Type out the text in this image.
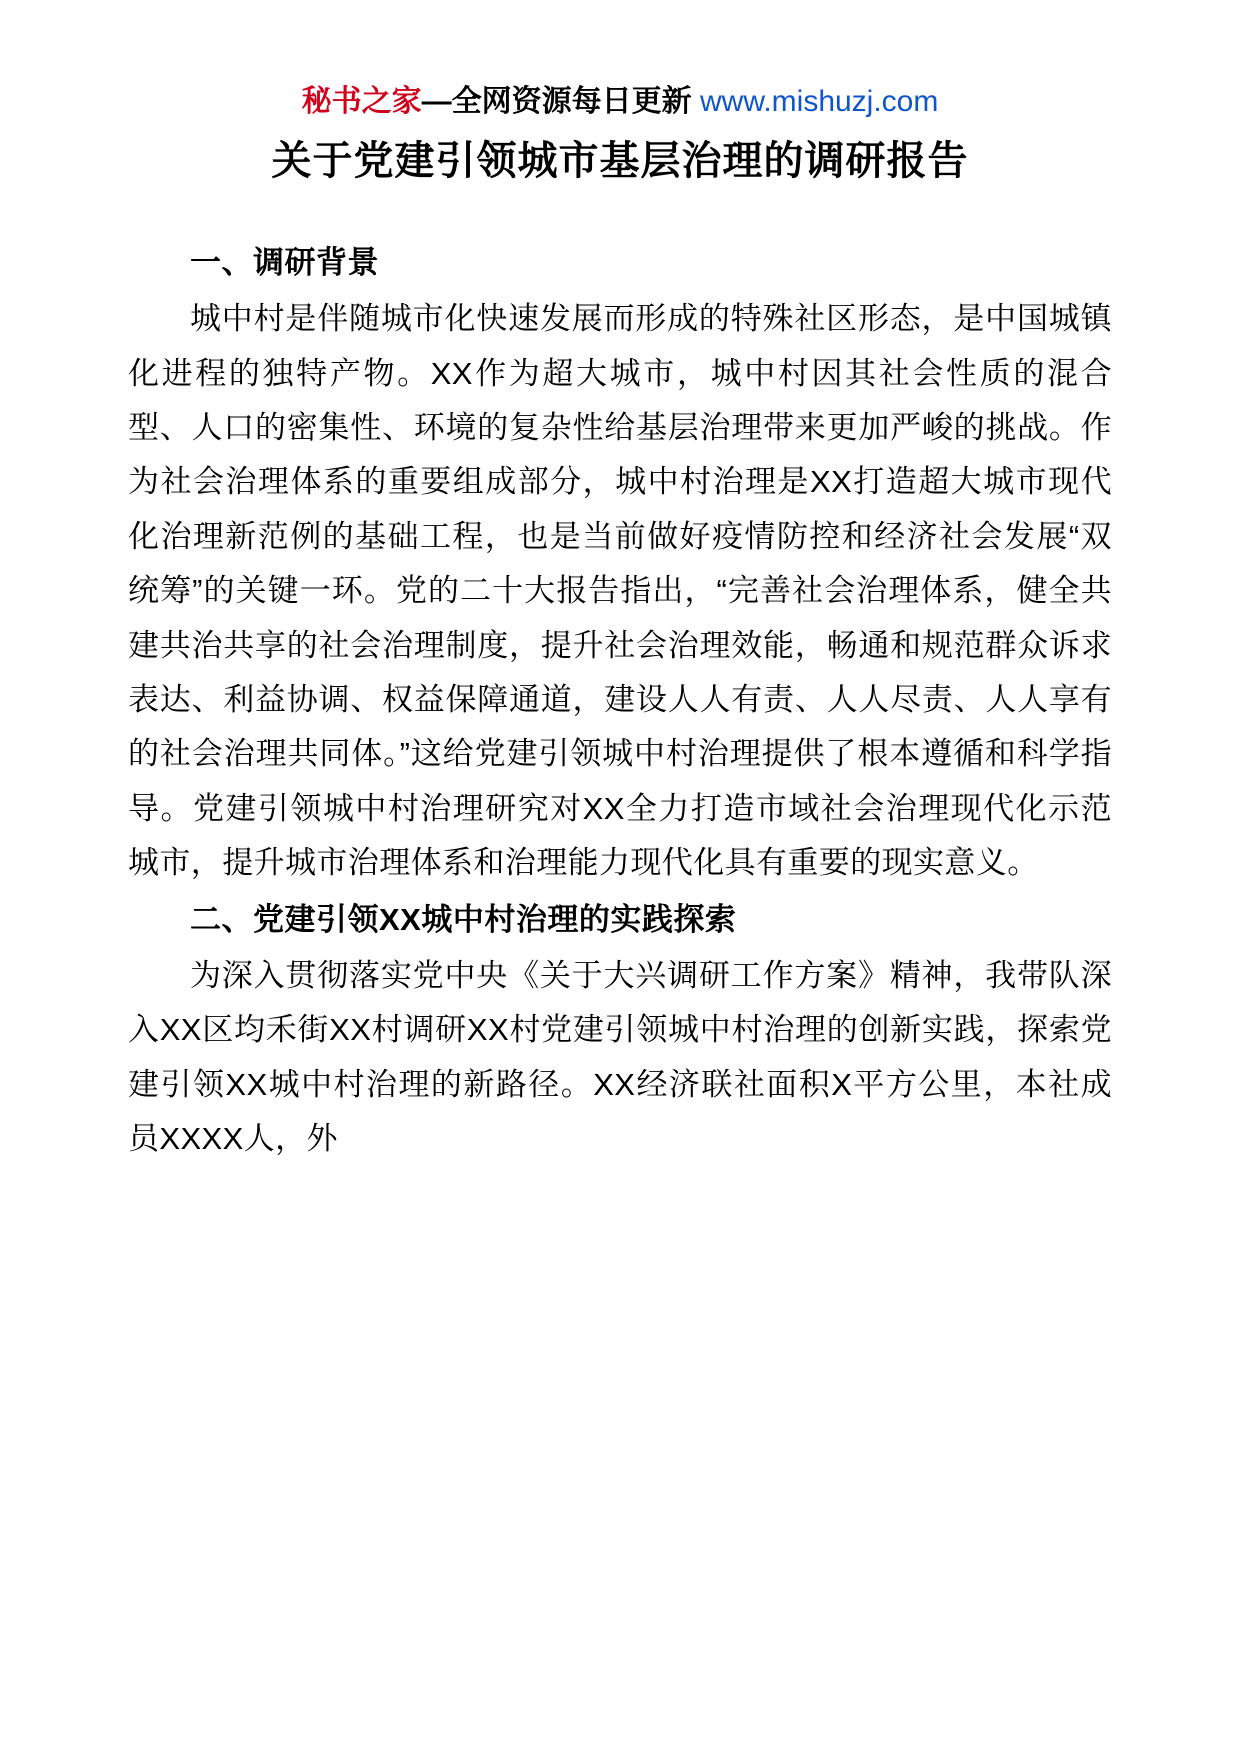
秘书之家—全网资源每日更新 www.mishuzj.com
关于党建引领城市基层治理的调研报告
一、调研背景

城中村是伴随城市化快速发展而形成的特殊社区形态，是中国城镇化进程的独特产物。XX作为超大城市，城中村因其社会性质的混合型、人口的密集性、环境的复杂性给基层治理带来更加严峻的挑战。作为社会治理体系的重要组成部分，城中村治理是XX打造超大城市现代化治理新范例的基础工程，也是当前做好疫情防控和经济社会发展“双统筹”的关键一环。党的二十大报告指出，“完善社会治理体系，健全共建共治共享的社会治理制度，提升社会治理效能，畅通和规范群众诉求表达、利益协调、权益保障通道，建设人人有责、人人尽责、人人享有的社会治理共同体。”这给党建引领城中村治理提供了根本遵循和科学指导。党建引领城中村治理研究对XX全力打造市域社会治理现代化示范城市，提升城市治理体系和治理能力现代化具有重要的现实意义。

二、党建引领XX城中村治理的实践探索

为深入贯彻落实党中央《关于大兴调研工作方案》精神，我带队深入XX区均禾街XX村调研XX村党建引领城中村治理的创新实践，探索党建引领XX城中村治理的新路径。XX经济联社面积X平方公里，本社成员XXXX人，外
